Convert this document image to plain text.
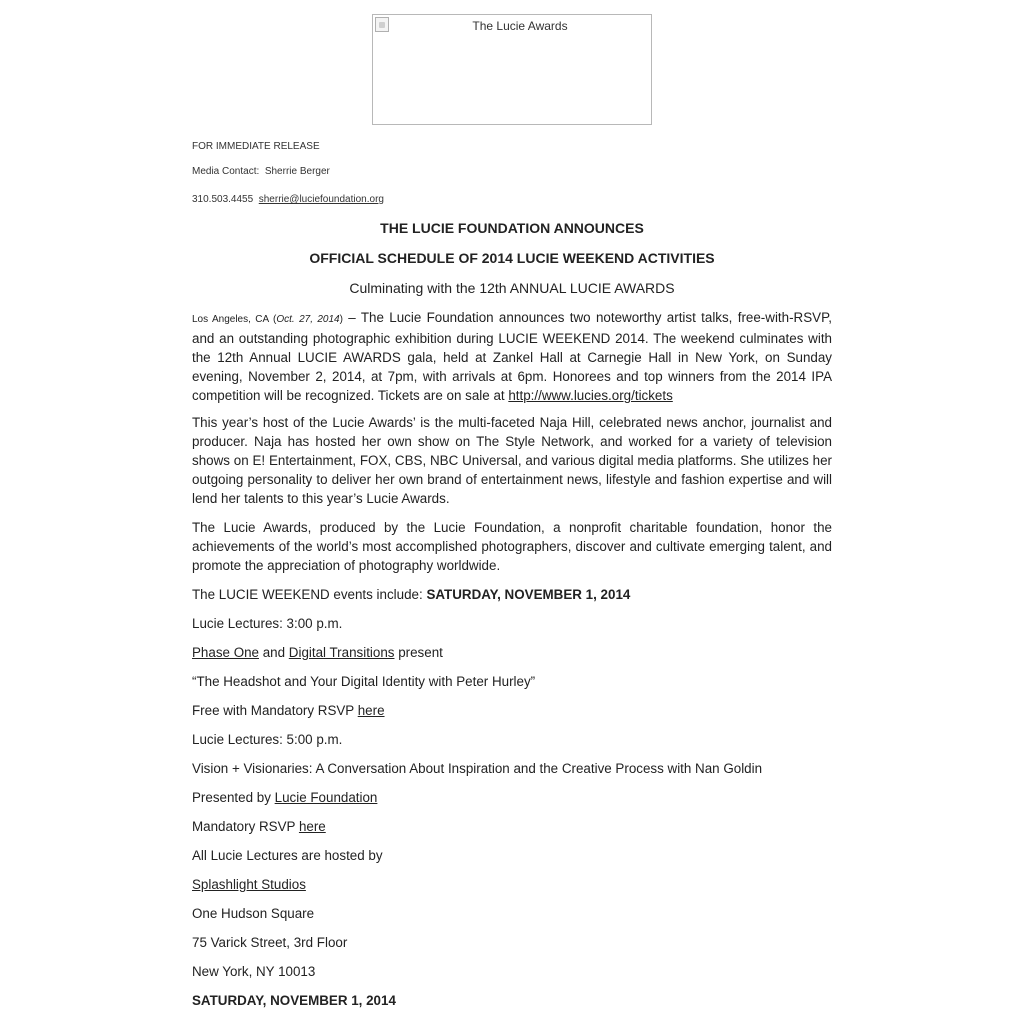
The Lucie Awards
FOR IMMEDIATE RELEASE
Media Contact: Sherrie Berger
310.503.4455 sherrie@luciefoundation.org
THE LUCIE FOUNDATION ANNOUNCES
OFFICIAL SCHEDULE OF 2014 LUCIE WEEKEND ACTIVITIES
Culminating with the 12th ANNUAL LUCIE AWARDS
Los Angeles, CA (Oct. 27, 2014) – The Lucie Foundation announces two noteworthy artist talks, free-with-RSVP, and an outstanding photographic exhibition during LUCIE WEEKEND 2014. The weekend culminates with the 12th Annual LUCIE AWARDS gala, held at Zankel Hall at Carnegie Hall in New York, on Sunday evening, November 2, 2014, at 7pm, with arrivals at 6pm. Honorees and top winners from the 2014 IPA competition will be recognized. Tickets are on sale at http://www.lucies.org/tickets
This year’s host of the Lucie Awards’ is the multi-faceted Naja Hill, celebrated news anchor, journalist and producer. Naja has hosted her own show on The Style Network, and worked for a variety of television shows on E! Entertainment, FOX, CBS, NBC Universal, and various digital media platforms. She utilizes her outgoing personality to deliver her own brand of entertainment news, lifestyle and fashion expertise and will lend her talents to this year’s Lucie Awards.
The Lucie Awards, produced by the Lucie Foundation, a nonprofit charitable foundation, honor the achievements of the world’s most accomplished photographers, discover and cultivate emerging talent, and promote the appreciation of photography worldwide.
The LUCIE WEEKEND events include: SATURDAY, NOVEMBER 1, 2014
Lucie Lectures: 3:00 p.m.
Phase One and Digital Transitions present
“The Headshot and Your Digital Identity with Peter Hurley”
Free with Mandatory RSVP here
Lucie Lectures: 5:00 p.m.
Vision + Visionaries: A Conversation About Inspiration and the Creative Process with Nan Goldin
Presented by Lucie Foundation
Mandatory RSVP here
All Lucie Lectures are hosted by
Splashlight Studios
One Hudson Square
75 Varick Street, 3rd Floor
New York, NY 10013
SATURDAY, NOVEMBER 1, 2014
